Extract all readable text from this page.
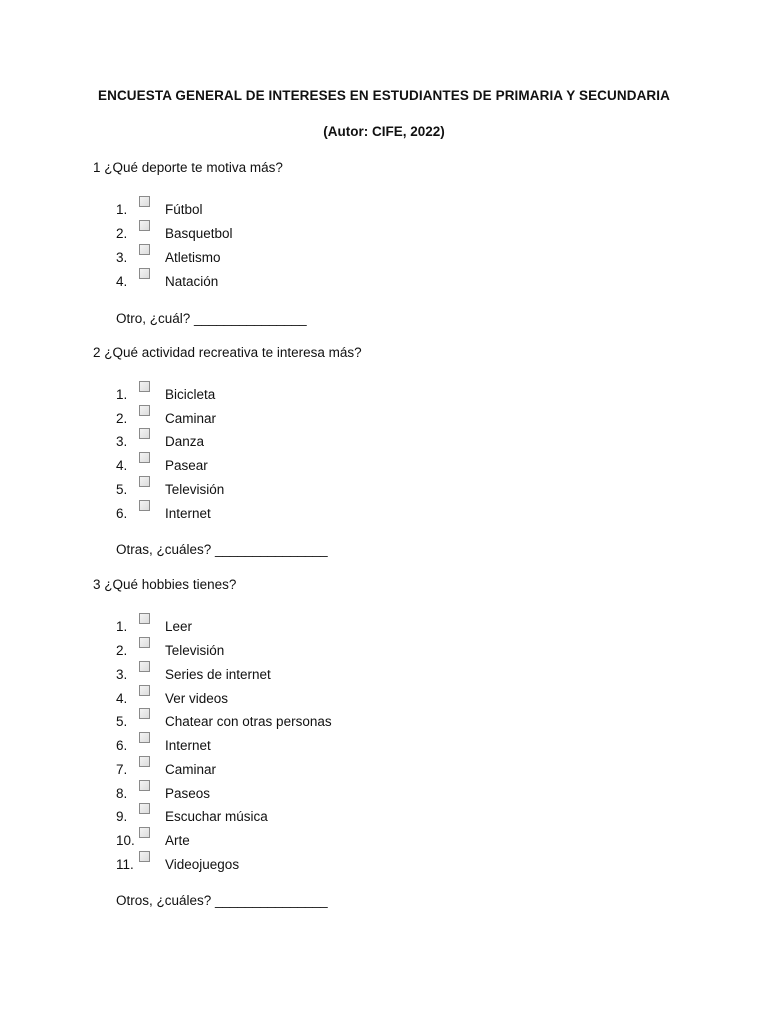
ENCUESTA GENERAL DE INTERESES EN ESTUDIANTES DE PRIMARIA Y SECUNDARIA
(Autor: CIFE, 2022)
1 ¿Qué deporte te motiva más?
1.	Fútbol
2.	Basquetbol
3.	Atletismo
4.	Natación
Otro, ¿cuál? _______________
2 ¿Qué actividad recreativa te interesa más?
1.	Bicicleta
2.	Caminar
3.	Danza
4.	Pasear
5.	Televisión
6.	Internet
Otras, ¿cuáles? _______________
3 ¿Qué hobbies tienes?
1.	Leer
2.	Televisión
3.	Series de internet
4.	Ver videos
5.	Chatear con otras personas
6.	Internet
7.	Caminar
8.	Paseos
9.	Escuchar música
10. Arte
11. Videojuegos
Otros, ¿cuáles? _______________
